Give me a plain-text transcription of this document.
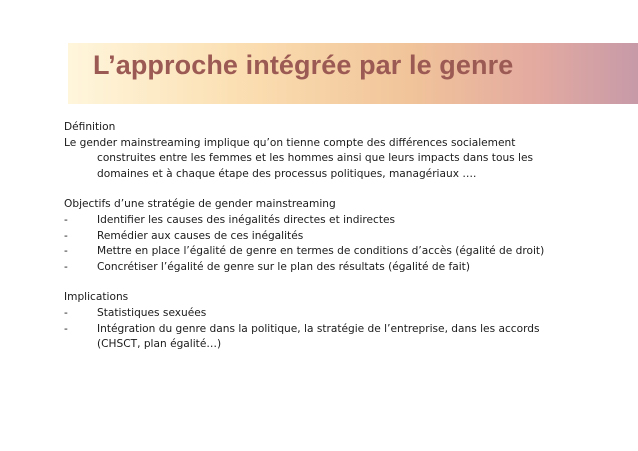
L’approche intégrée par le genre

Définition

Le gender mainstreaming implique qu’on tienne compte des différences socialement

construites entre les femmes et les hommes ainsi que leurs impacts dans tous les

domaines et à chaque étape des processus politiques, managériaux ….

Objectifs d’une stratégie de gender mainstreaming

-	Identifier les causes des inégalités directes et indirectes
-	Remédier aux causes de ces inégalités
-	Mettre en place l’égalité de genre en termes de conditions d’accès (égalité de droit)
-	Concrétiser l’égalité de genre sur le plan des résultats (égalité de fait)

Implications

-	Statistiques sexuées
-	Intégration du genre dans la politique, la stratégie de l’entreprise, dans les accords

(CHSCT, plan égalité…)
